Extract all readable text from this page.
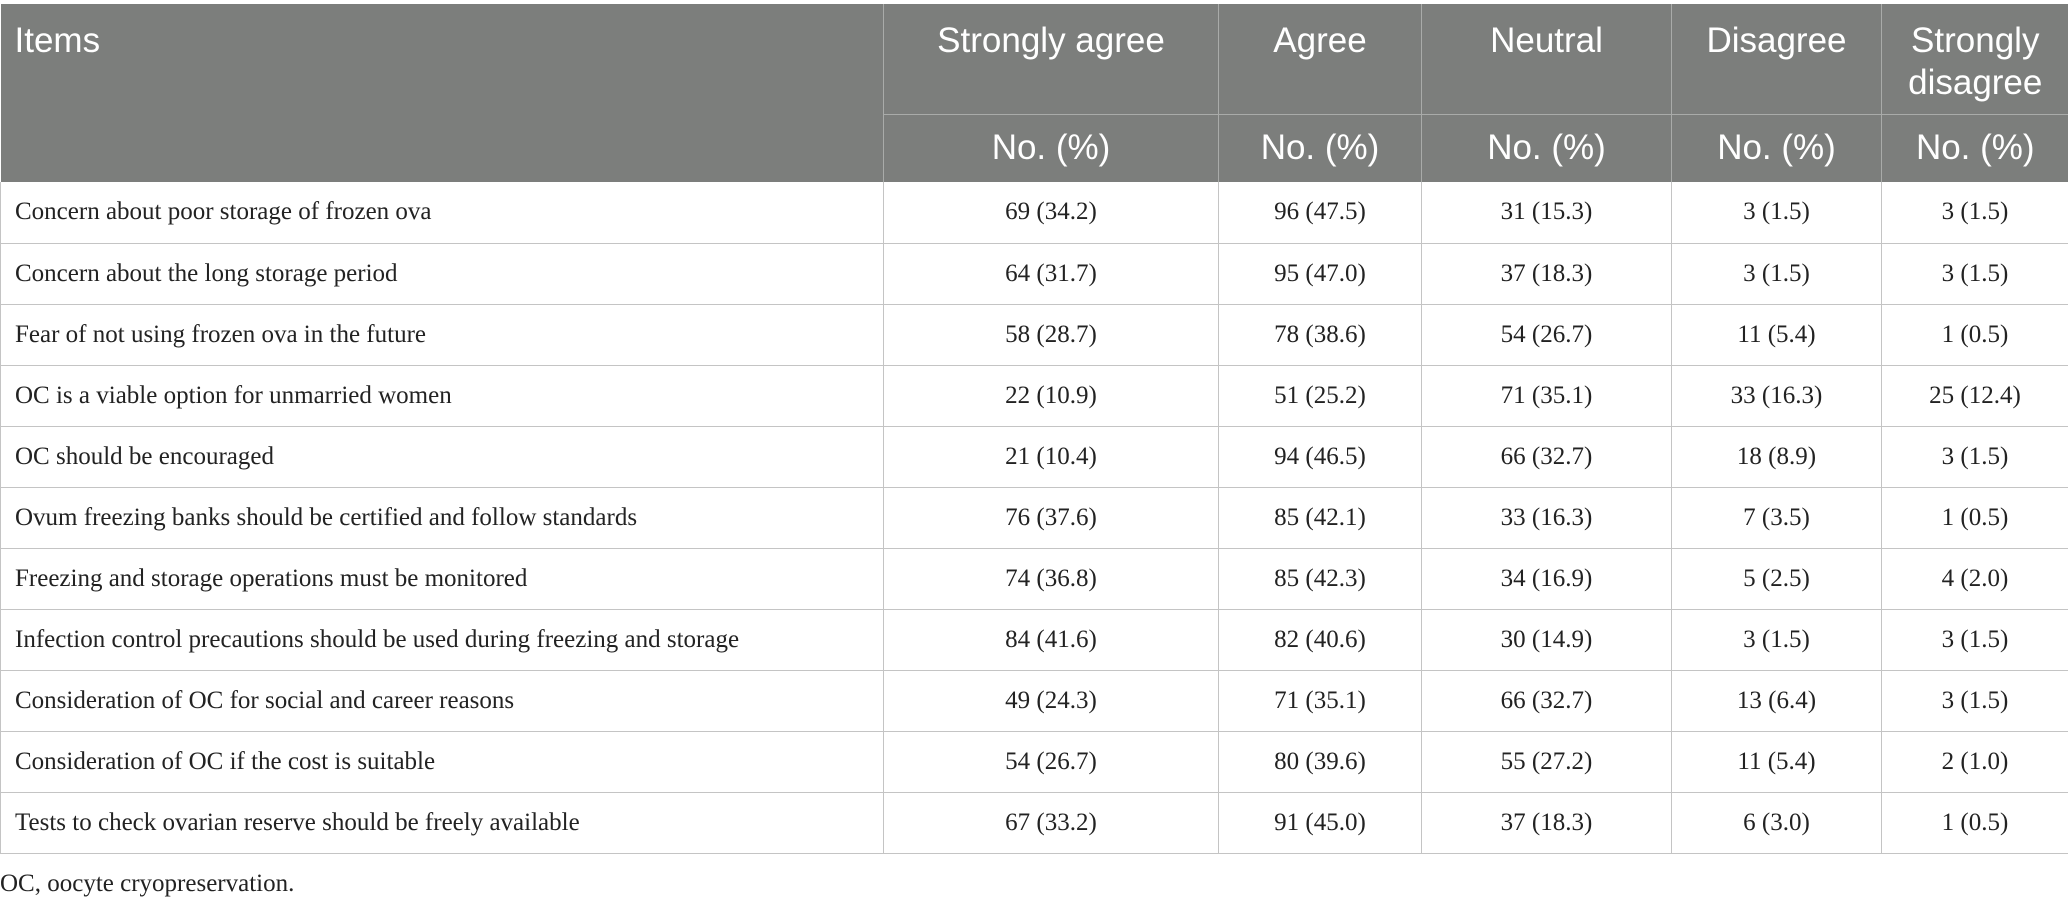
Items	Strongly agree	Agree	Neutral	Disagree	Strongly disagree
	No. (%)	No. (%)	No. (%)	No. (%)	No. (%)
Concern about poor storage of frozen ova	69 (34.2)	96 (47.5)	31 (15.3)	3 (1.5)	3 (1.5)
Concern about the long storage period	64 (31.7)	95 (47.0)	37 (18.3)	3 (1.5)	3 (1.5)
Fear of not using frozen ova in the future	58 (28.7)	78 (38.6)	54 (26.7)	11 (5.4)	1 (0.5)
OC is a viable option for unmarried women	22 (10.9)	51 (25.2)	71 (35.1)	33 (16.3)	25 (12.4)
OC should be encouraged	21 (10.4)	94 (46.5)	66 (32.7)	18 (8.9)	3 (1.5)
Ovum freezing banks should be certified and follow standards	76 (37.6)	85 (42.1)	33 (16.3)	7 (3.5)	1 (0.5)
Freezing and storage operations must be monitored	74 (36.8)	85 (42.3)	34 (16.9)	5 (2.5)	4 (2.0)
Infection control precautions should be used during freezing and storage	84 (41.6)	82 (40.6)	30 (14.9)	3 (1.5)	3 (1.5)
Consideration of OC for social and career reasons	49 (24.3)	71 (35.1)	66 (32.7)	13 (6.4)	3 (1.5)
Consideration of OC if the cost is suitable	54 (26.7)	80 (39.6)	55 (27.2)	11 (5.4)	2 (1.0)
Tests to check ovarian reserve should be freely available	67 (33.2)	91 (45.0)	37 (18.3)	6 (3.0)	1 (0.5)
OC, oocyte cryopreservation.
